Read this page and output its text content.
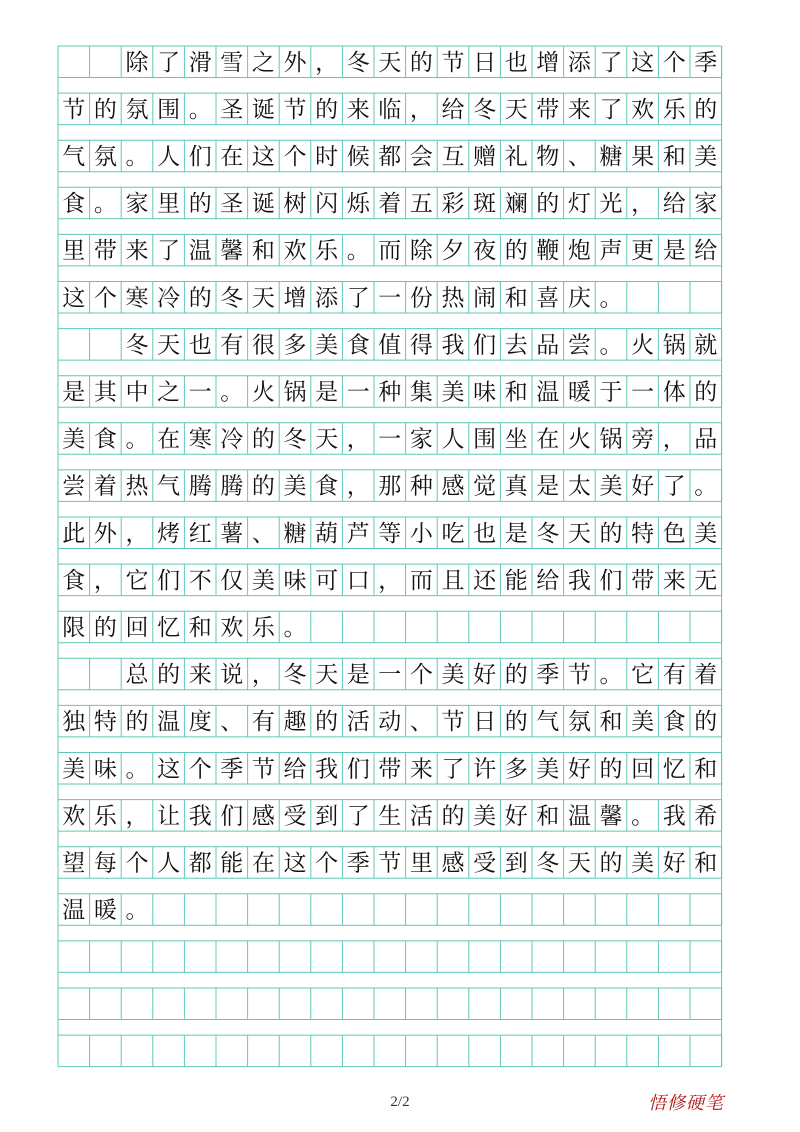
除 了 滑 雪 之 外 ， 冬 天 的 节 日 也 增 添 了 这 个 季
节 的 氛 围 。 圣 诞 节 的 来 临 ， 给 冬 天 带 来 了 欢 乐 的
气 氛 。 人 们 在 这 个 时 候 都 会 互 赠 礼 物 、 糖 果 和 美
食 。 家 里 的 圣 诞 树 闪 烁 着 五 彩 斑 斓 的 灯 光 ， 给 家
里 带 来 了 温 馨 和 欢 乐 。 而 除 夕 夜 的 鞭 炮 声 更 是 给
这 个 寒 冷 的 冬 天 增 添 了 一 份 热 闹 和 喜 庆 。
冬 天 也 有 很 多 美 食 值 得 我 们 去 品 尝 。 火 锅 就
是 其 中 之 一 。 火 锅 是 一 种 集 美 味 和 温 暖 于 一 体 的
美 食 。 在 寒 冷 的 冬 天 ， 一 家 人 围 坐 在 火 锅 旁 ， 品
尝 着 热 气 腾 腾 的 美 食 ， 那 种 感 觉 真 是 太 美 好 了 。
此 外 ， 烤 红 薯 、 糖 葫 芦 等 小 吃 也 是 冬 天 的 特 色 美
食 ， 它 们 不 仅 美 味 可 口 ， 而 且 还 能 给 我 们 带 来 无
限 的 回 忆 和 欢 乐 。
总 的 来 说 ， 冬 天 是 一 个 美 好 的 季 节 。 它 有 着
独 特 的 温 度 、 有 趣 的 活 动 、 节 日 的 气 氛 和 美 食 的
美 味 。 这 个 季 节 给 我 们 带 来 了 许 多 美 好 的 回 忆 和
欢 乐 ， 让 我 们 感 受 到 了 生 活 的 美 好 和 温 馨 。 我 希
望 每 个 人 都 能 在 这 个 季 节 里 感 受 到 冬 天 的 美 好 和
温 暖 。
2/2	悟修硬笔
